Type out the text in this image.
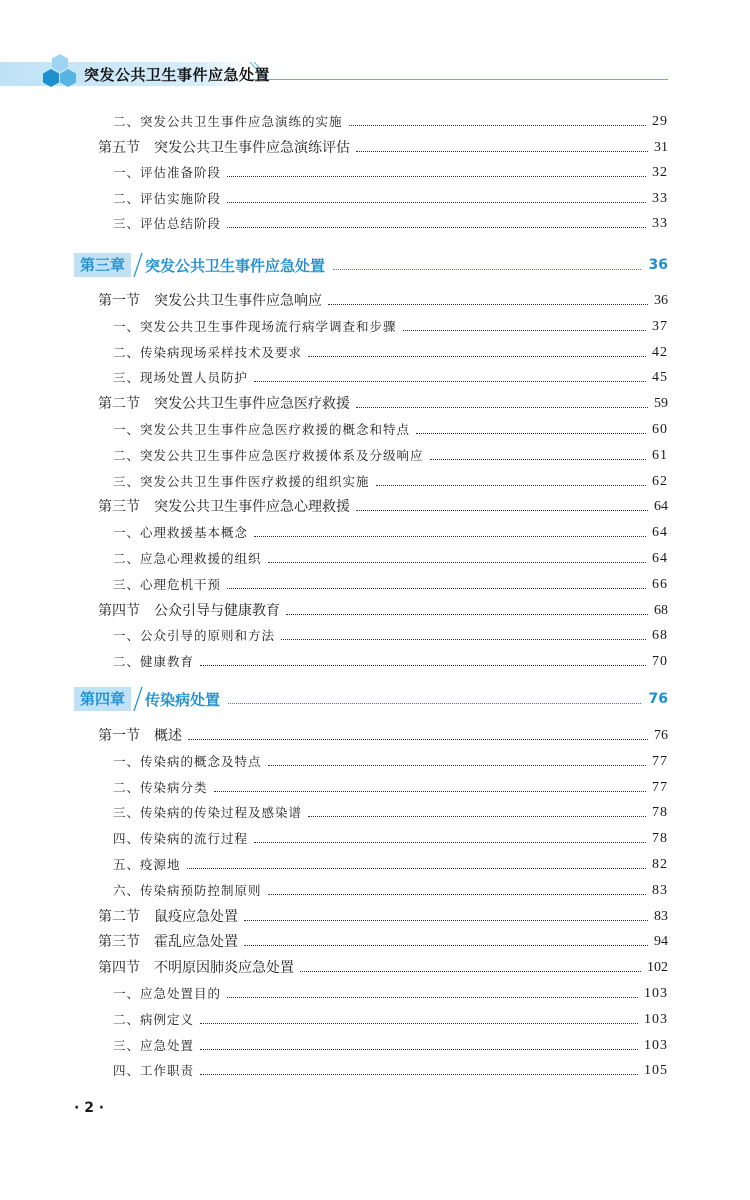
突发公共卫生事件应急处置
二、突发公共卫生事件应急演练的实施	29
第五节　突发公共卫生事件应急演练评估	31
一、评估准备阶段	32
二、评估实施阶段	33
三、评估总结阶段	33
第三章	突发公共卫生事件应急处置	36
第一节　突发公共卫生事件应急响应	36
一、突发公共卫生事件现场流行病学调查和步骤	37
二、传染病现场采样技术及要求	42
三、现场处置人员防护	45
第二节　突发公共卫生事件应急医疗救援	59
一、突发公共卫生事件应急医疗救援的概念和特点	60
二、突发公共卫生事件应急医疗救援体系及分级响应	61
三、突发公共卫生事件医疗救援的组织实施	62
第三节　突发公共卫生事件应急心理救援	64
一、心理救援基本概念	64
二、应急心理救援的组织	64
三、心理危机干预	66
第四节　公众引导与健康教育	68
一、公众引导的原则和方法	68
二、健康教育	70
第四章	传染病处置	76
第一节　概述	76
一、传染病的概念及特点	77
二、传染病分类	77
三、传染病的传染过程及感染谱	78
四、传染病的流行过程	78
五、疫源地	82
六、传染病预防控制原则	83
第二节　鼠疫应急处置	83
第三节　霍乱应急处置	94
第四节　不明原因肺炎应急处置	102
一、应急处置目的	103
二、病例定义	103
三、应急处置	103
四、工作职责	105
· 2 ·
